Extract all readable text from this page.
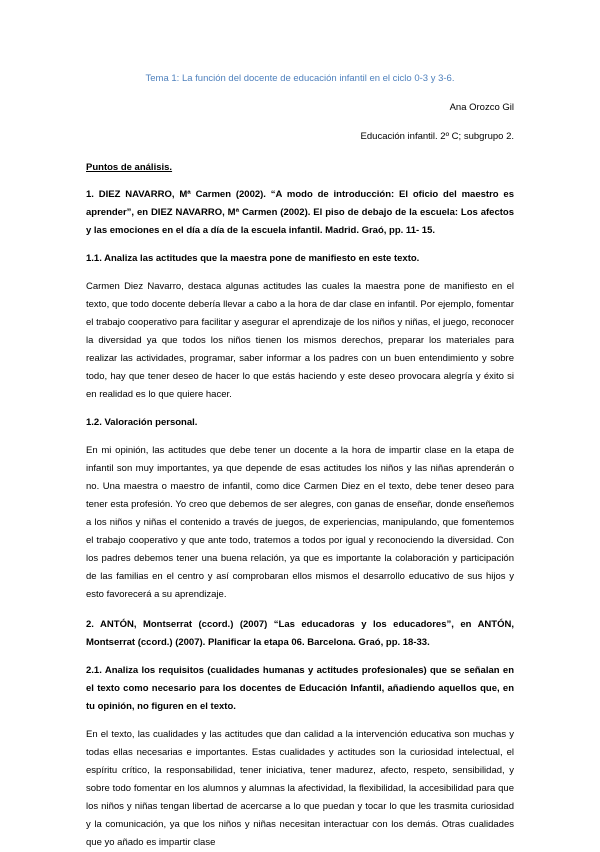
Tema 1: La función del docente de educación infantil en el ciclo 0-3 y 3-6.
Ana Orozco Gil
Educación infantil. 2º C; subgrupo 2.
Puntos de análisis.
1. DIEZ NAVARRO, Mª Carmen (2002). “A modo de introducción: El oficio del maestro es aprender”, en DIEZ NAVARRO, Mª Carmen (2002). El piso de debajo de la escuela: Los afectos y las emociones en el día a día de la escuela infantil. Madrid. Graó, pp. 11- 15.
1.1. Analiza las actitudes que la maestra pone de manifiesto en este texto.
Carmen Diez Navarro, destaca algunas actitudes las cuales la maestra pone de manifiesto en el texto, que todo docente debería llevar a cabo a la hora de dar clase en infantil. Por ejemplo, fomentar el trabajo cooperativo para facilitar y asegurar el aprendizaje de los niños y niñas, el juego, reconocer la diversidad ya que todos los niños tienen los mismos derechos, preparar los materiales para realizar las actividades, programar, saber informar a los padres con un buen entendimiento y sobre todo, hay que tener deseo de hacer lo que estás haciendo y este deseo provocara alegría y éxito si en realidad es lo que quiere hacer.
1.2. Valoración personal.
En mi opinión, las actitudes que debe tener un docente a la hora de impartir clase en la etapa de infantil son muy importantes, ya que depende de esas actitudes los niños y las niñas aprenderán o no. Una maestra o maestro de infantil, como dice Carmen Diez en el texto, debe tener deseo para tener esta profesión. Yo creo que debemos de ser alegres, con ganas de enseñar, donde enseñemos a los niños y niñas el contenido a través de juegos, de experiencias, manipulando, que fomentemos el trabajo cooperativo y que ante todo, tratemos a todos por igual y reconociendo la diversidad. Con los padres debemos tener una buena relación, ya que es importante la colaboración y participación de las familias en el centro y así comprobaran ellos mismos el desarrollo educativo de sus hijos y esto favorecerá a su aprendizaje.
2. ANTÓN, Montserrat (ccord.) (2007) “Las educadoras y los educadores”, en ANTÓN, Montserrat (ccord.) (2007). Planificar la etapa 06. Barcelona. Graó, pp. 18-33.
2.1. Analiza los requisitos (cualidades humanas y actitudes profesionales) que se señalan en el texto como necesario para los docentes de Educación Infantil, añadiendo aquellos que, en tu opinión, no figuren en el texto.
En el texto, las cualidades y las actitudes que dan calidad a la intervención educativa son muchas y todas ellas necesarias e importantes. Estas cualidades y actitudes son la curiosidad intelectual, el espíritu crítico, la responsabilidad, tener iniciativa, tener madurez, afecto, respeto, sensibilidad, y sobre todo fomentar en los alumnos y alumnas la afectividad, la flexibilidad, la accesibilidad para que los niños y niñas tengan libertad de acercarse a lo que puedan y tocar lo que les trasmita curiosidad y la comunicación, ya que los niños y niñas necesitan interactuar con los demás. Otras cualidades que yo añado es impartir clase
